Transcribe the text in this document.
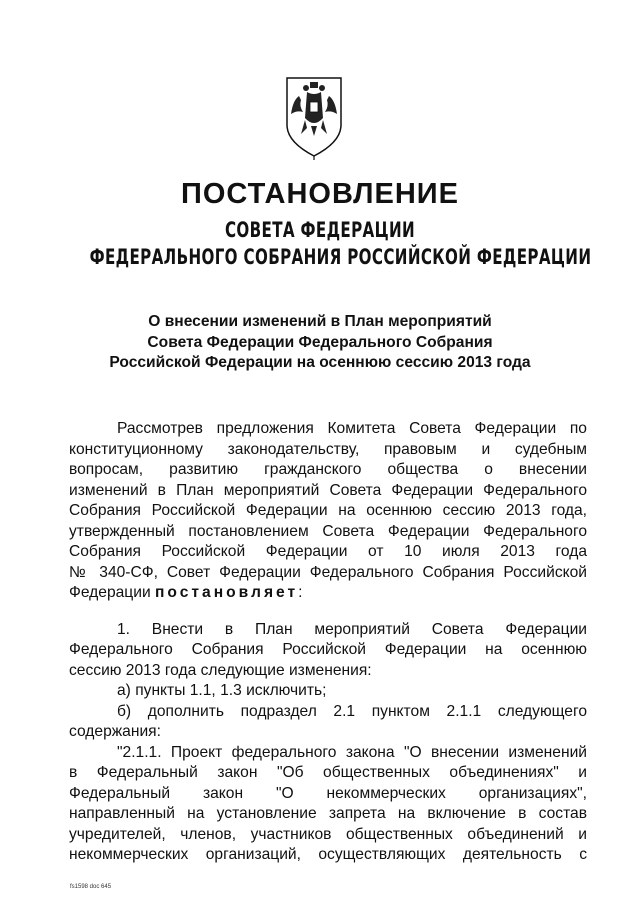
ПОСТАНОВЛЕНИЕ
СОВЕТА ФЕДЕРАЦИИ
ФЕДЕРАЛЬНОГО СОБРАНИЯ РОССИЙСКОЙ ФЕДЕРАЦИИ
О внесении изменений в План мероприятий
Совета Федерации Федерального Собрания
Российской Федерации на осеннюю сессию 2013 года
Рассмотрев предложения Комитета Совета Федерации по
конституционному законодательству, правовым и судебным
вопросам, развитию гражданского общества о внесении
изменений в План мероприятий Совета Федерации Федерального
Собрания Российской Федерации на осеннюю сессию 2013 года,
утвержденный постановлением Совета Федерации Федерального
Собрания Российской Федерации от 10 июля 2013 года
№ 340-СФ, Совет Федерации Федерального Собрания Российской
Федерации постановляет:
1. Внести в План мероприятий Совета Федерации
Федерального Собрания Российской Федерации на осеннюю
сессию 2013 года следующие изменения:
а) пункты 1.1, 1.3 исключить;
б) дополнить подраздел 2.1 пунктом 2.1.1 следующего
содержания:
"2.1.1. Проект федерального закона "О внесении изменений
в Федеральный закон "Об общественных объединениях" и
Федеральный закон "О некоммерческих организациях",
направленный на установление запрета на включение в состав
учредителей, членов, участников общественных объединений и
некоммерческих организаций, осуществляющих деятельность с
fs1598 doc 645
